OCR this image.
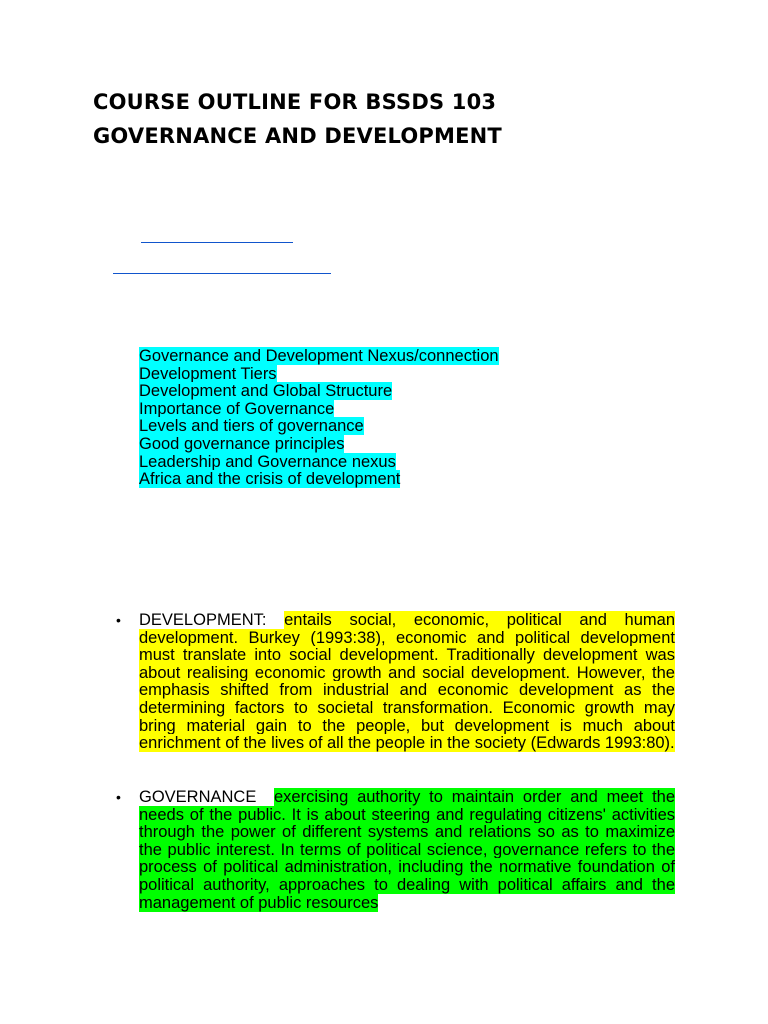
COURSE OUTLINE FOR BSSDS 103
GOVERNANCE AND DEVELOPMENT
Governance and Development Nexus/connection
Development Tiers
Development and Global Structure
Importance of Governance
Levels and tiers of governance
Good governance principles
Leadership and Governance nexus
Africa and the crisis of development
• DEVELOPMENT: entails social, economic, political and human development. Burkey (1993:38), economic and political development must translate into social development. Traditionally development was about realising economic growth and social development. However, the emphasis shifted from industrial and economic development as the determining factors to societal transformation. Economic growth may bring material gain to the people, but development is much about enrichment of the lives of all the people in the society (Edwards 1993:80).

• GOVERNANCE exercising authority to maintain order and meet the needs of the public. It is about steering and regulating citizens' activities through the power of different systems and relations so as to maximize the public interest. In terms of political science, governance refers to the process of political administration, including the normative foundation of political authority, approaches to dealing with political affairs and the management of public resources
